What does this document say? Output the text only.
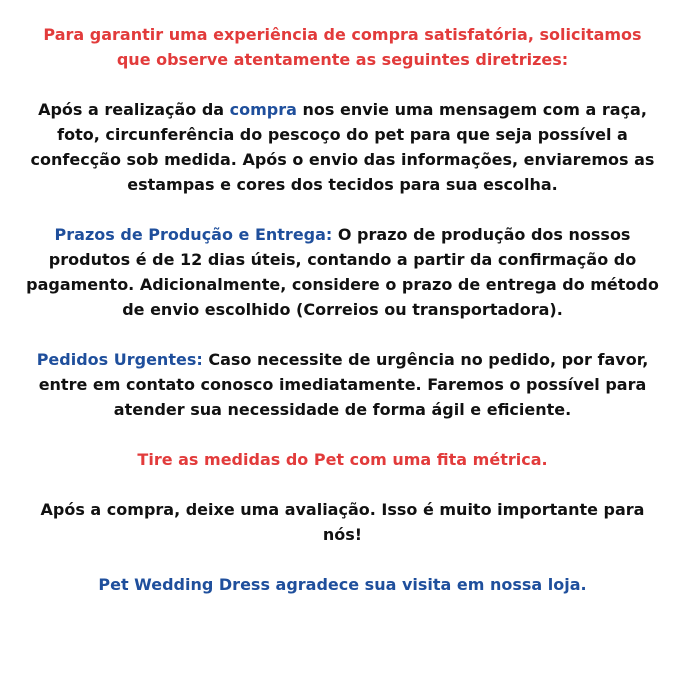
Para garantir uma experiência de compra satisfatória, solicitamos que observe atentamente as seguintes diretrizes:

Após a realização da compra nos envie uma mensagem com a raça, foto, circunferência do pescoço do pet para que seja possível a confecção sob medida. Após o envio das informações, enviaremos as estampas e cores dos tecidos para sua escolha.

Prazos de Produção e Entrega: O prazo de produção dos nossos produtos é de 12 dias úteis, contando a partir da confirmação do pagamento. Adicionalmente, considere o prazo de entrega do método de envio escolhido (Correios ou transportadora).

Pedidos Urgentes: Caso necessite de urgência no pedido, por favor, entre em contato conosco imediatamente. Faremos o possível para atender sua necessidade de forma ágil e eficiente.

Tire as medidas do Pet com uma fita métrica.

Após a compra, deixe uma avaliação. Isso é muito importante para nós!

Pet Wedding Dress agradece sua visita em nossa loja.
